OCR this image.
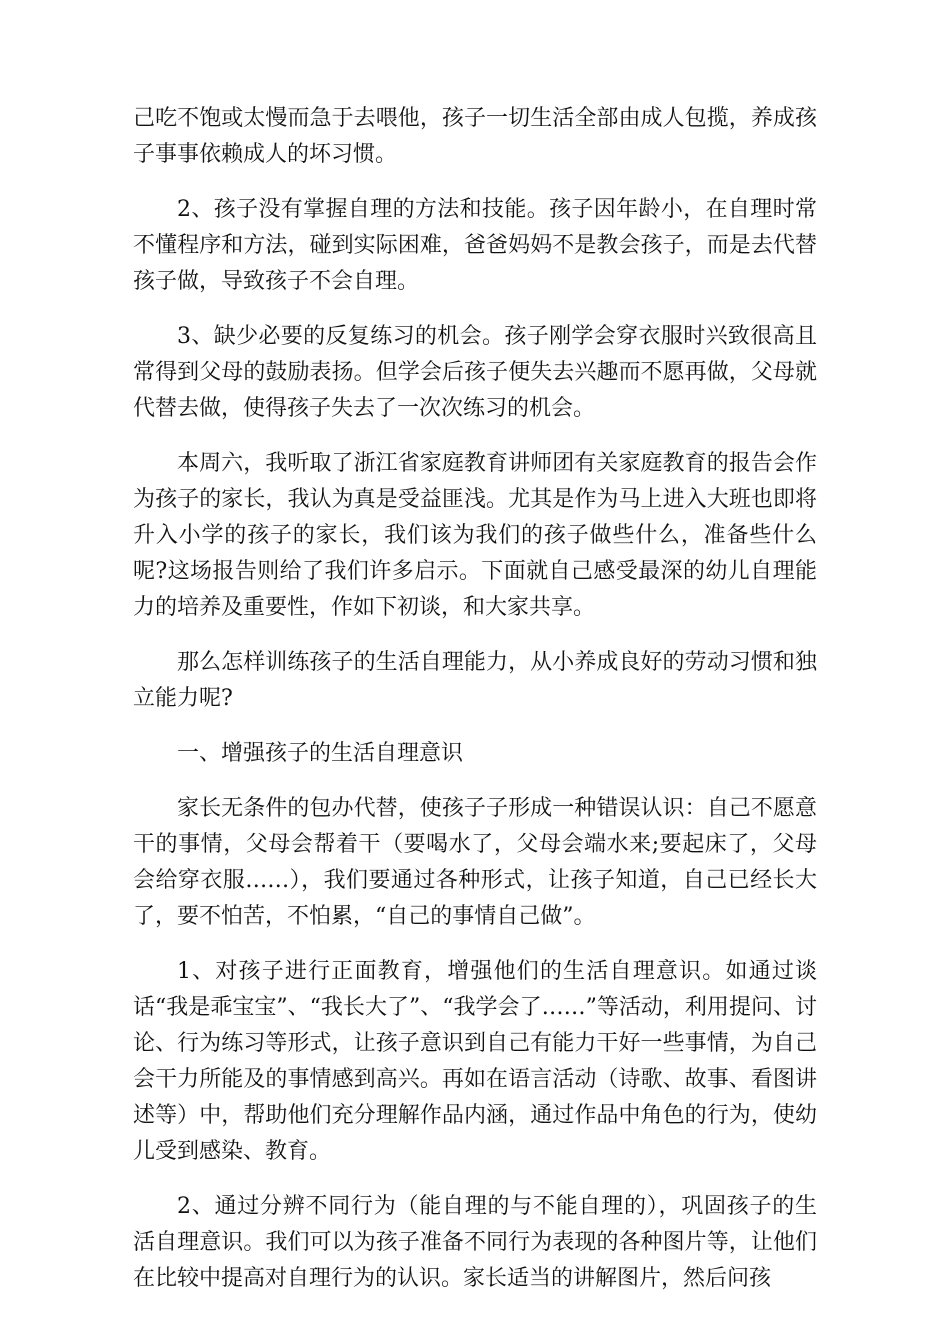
己吃不饱或太慢而急于去喂他，孩子一切生活全部由成人包揽，养成孩子事事依赖成人的坏习惯。

2、孩子没有掌握自理的方法和技能。孩子因年龄小，在自理时常不懂程序和方法，碰到实际困难，爸爸妈妈不是教会孩子，而是去代替孩子做，导致孩子不会自理。

3、缺少必要的反复练习的机会。孩子刚学会穿衣服时兴致很高且常得到父母的鼓励表扬。但学会后孩子便失去兴趣而不愿再做，父母就代替去做，使得孩子失去了一次次练习的机会。

本周六，我听取了浙江省家庭教育讲师团有关家庭教育的报告会作为孩子的家长，我认为真是受益匪浅。尤其是作为马上进入大班也即将升入小学的孩子的家长，我们该为我们的孩子做些什么，准备些什么呢?这场报告则给了我们许多启示。下面就自己感受最深的幼儿自理能力的培养及重要性，作如下初谈，和大家共享。

那么怎样训练孩子的生活自理能力，从小养成良好的劳动习惯和独立能力呢?

一、增强孩子的生活自理意识

家长无条件的包办代替，使孩子子形成一种错误认识：自己不愿意干的事情，父母会帮着干（要喝水了，父母会端水来;要起床了，父母会给穿衣服……），我们要通过各种形式，让孩子知道，自己已经长大了，要不怕苦，不怕累，“自己的事情自己做”。

1、对孩子进行正面教育，增强他们的生活自理意识。如通过谈话“我是乖宝宝”、“我长大了”、“我学会了……”等活动，利用提问、讨论、行为练习等形式，让孩子意识到自己有能力干好一些事情，为自己会干力所能及的事情感到高兴。再如在语言活动（诗歌、故事、看图讲述等）中，帮助他们充分理解作品内涵，通过作品中角色的行为，使幼儿受到感染、教育。

2、通过分辨不同行为（能自理的与不能自理的），巩固孩子的生活自理意识。我们可以为孩子准备不同行为表现的各种图片等，让他们在比较中提高对自理行为的认识。家长适当的讲解图片，然后问孩
